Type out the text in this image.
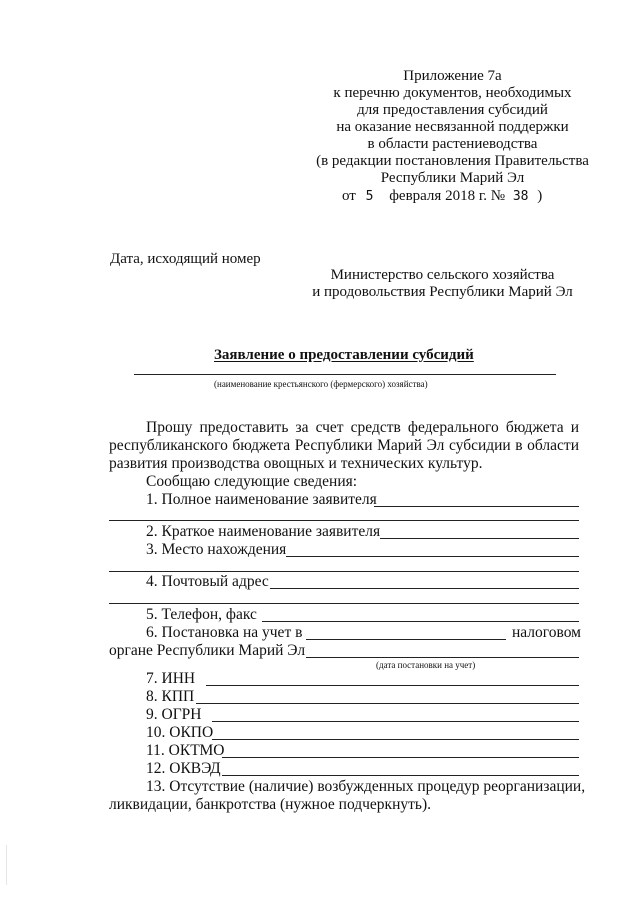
Приложение 7а
к перечню документов, необходимых
для предоставления субсидий
на оказание несвязанной поддержки
в области растениеводства
(в редакции постановления Правительства
Республики Марий Эл
от 5 февраля 2018 г. № 38 )
Дата, исходящий номер
Министерство сельского хозяйства
и продовольствия Республики Марий Эл
Заявление о предоставлении субсидий
(наименование крестьянского (фермерского) хозяйства)
Прошу предоставить за счет средств федерального бюджета и
республиканского бюджета Республики Марий Эл субсидии в области
развития производства овощных и технических культур.
Сообщаю следующие сведения:
1. Полное наименование заявителя
2. Краткое наименование заявителя
3. Место нахождения
4. Почтовый адрес
5. Телефон, факс
6. Постановка на учет в	налоговом
органе Республики Марий Эл
(дата постановки на учет)
7. ИНН
8. КПП
9. ОГРН
10. ОКПО
11. ОКТМО
12. ОКВЭД
13. Отсутствие (наличие) возбужденных процедур реорганизации,
ликвидации, банкротства (нужное подчеркнуть).
